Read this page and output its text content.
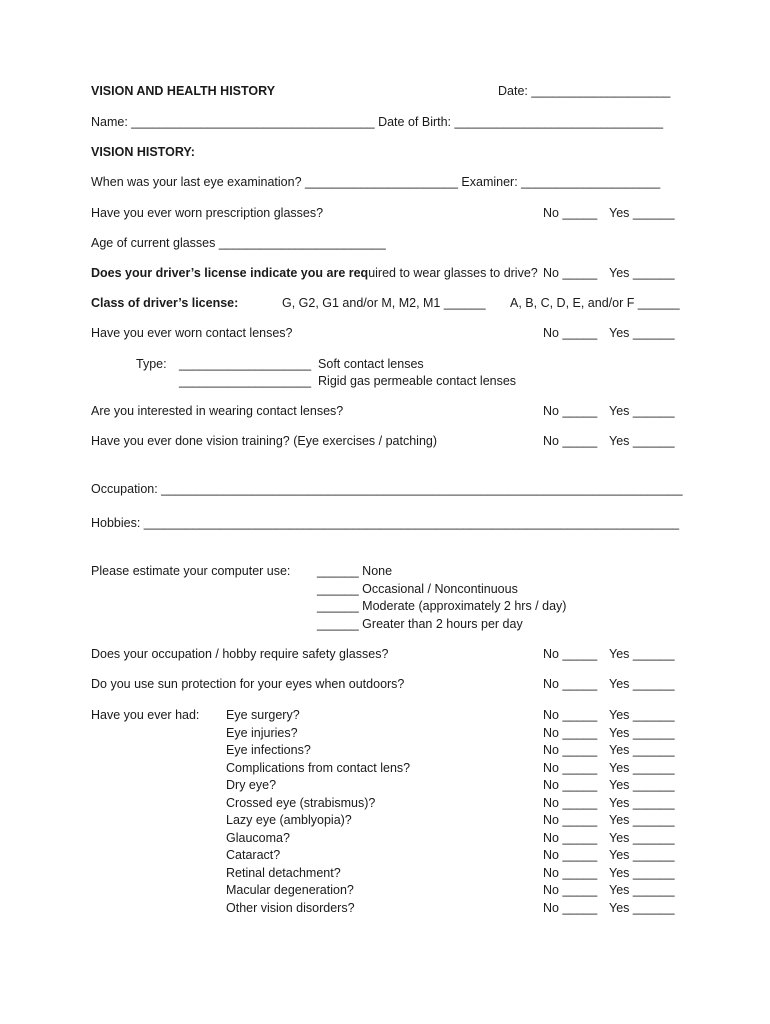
VISION AND HEALTH HISTORY	Date: ____________________
Name: ___________________________________ Date of Birth: ______________________________
VISION HISTORY:
When was your last eye examination? ______________________ Examiner: ____________________
Have you ever worn prescription glasses?	No _____ Yes ______
Age of current glasses ________________________
Does your driver’s license indicate you are required to wear glasses to drive? No _____ Yes ______
Class of driver’s license:	G, G2, G1 and/or M, M2, M1 ______ A, B, C, D, E, and/or F ______
Have you ever worn contact lenses?	No _____ Yes ______
Type: ___________________  Soft contact lenses
___________________  Rigid gas permeable contact lenses
Are you interested in wearing contact lenses?	No _____ Yes ______
Have you ever done vision training? (Eye exercises / patching)	No _____ Yes ______
Occupation: ___________________________________________________________________________
Hobbies: _____________________________________________________________________________
Please estimate your computer use: ______ None
______ Occasional / Noncontinuous
______ Moderate (approximately 2 hrs / day)
______ Greater than 2 hours per day
Does your occupation / hobby require safety glasses?	No _____ Yes ______
Do you use sun protection for your eyes when outdoors?	No _____ Yes ______
Have you ever had: Eye surgery?	No _____ Yes ______
Eye injuries?	No _____ Yes ______
Eye infections?	No _____ Yes ______
Complications from contact lens?	No _____ Yes ______
Dry eye?	No _____ Yes ______
Crossed eye (strabismus)?	No _____ Yes ______
Lazy eye (amblyopia)?	No _____ Yes ______
Glaucoma?	No _____ Yes ______
Cataract?	No _____ Yes ______
Retinal detachment?	No _____ Yes ______
Macular degeneration?	No _____ Yes ______
Other vision disorders?	No _____ Yes ______
